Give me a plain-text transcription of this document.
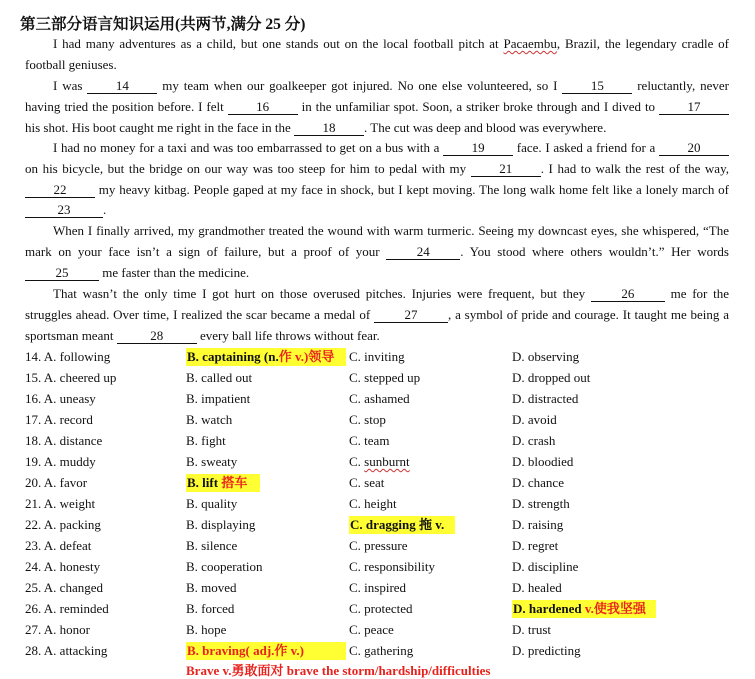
第三部分语言知识运用(共两节,满分 25 分)

I had many adventures as a child, but one stands out on the local football pitch at Pacaembu, Brazil, the legendary cradle of football geniuses.

I was 14 my team when our goalkeeper got injured. No one else volunteered, so I 15 reluctantly, never having tried the position before. I felt 16 in the unfamiliar spot. Soon, a striker broke through and I dived to 17 his shot. His boot caught me right in the face in the 18 . The cut was deep and blood was everywhere.

I had no money for a taxi and was too embarrassed to get on a bus with a 19 face. I asked a friend for a 20 on his bicycle, but the bridge on our way was too steep for him to pedal with my 21 . I had to walk the rest of the way, 22 my heavy kitbag. People gaped at my face in shock, but I kept moving. The long walk home felt like a lonely march of 23	.

When I finally arrived, my grandmother treated the wound with warm turmeric. Seeing my downcast eyes, she whispered, “The mark on your face isn’t a sign of failure, but a proof of your 24 . You stood where others wouldn’t.” Her words 25 me faster than the medicine.

That wasn’t the only time I got hurt on those overused pitches. Injuries were frequent, but they 26 me for the struggles ahead. Over time, I realized the scar became a medal of 27 , a symbol of pride and courage. It taught me being a sportsman meant	28	every ball life throws without fear.

14. A. following	B. captaining (n.作 v.)领导	C. inviting	D. observing
15. A. cheered up	B. called out	C. stepped up	D. dropped out
16. A. uneasy	B. impatient	C. ashamed	D. distracted
17. A. record	B. watch	C. stop	D. avoid
18. A. distance	B. fight	C. team	D. crash
19. A. muddy	B. sweaty	C. sunburnt	D. bloodied
20. A. favor	B. lift 搭车	C. seat	D. chance
21. A. weight	B. quality	C. height	D. strength
22. A. packing	B. displaying	C. dragging 拖 v.	D. raising
23. A. defeat	B. silence	C. pressure	D. regret
24. A. honesty	B. cooperation	C. responsibility	D. discipline
25. A. changed	B. moved	C. inspired	D. healed
26. A. reminded	B. forced	C. protected	D. hardened v.使我坚强
27. A. honor	B. hope	C. peace	D. trust
28. A. attacking	B. braving( adj.作 v.)	C. gathering	D. predicting
Brave v.勇敢面对 brave the storm/hardship/difficulties
